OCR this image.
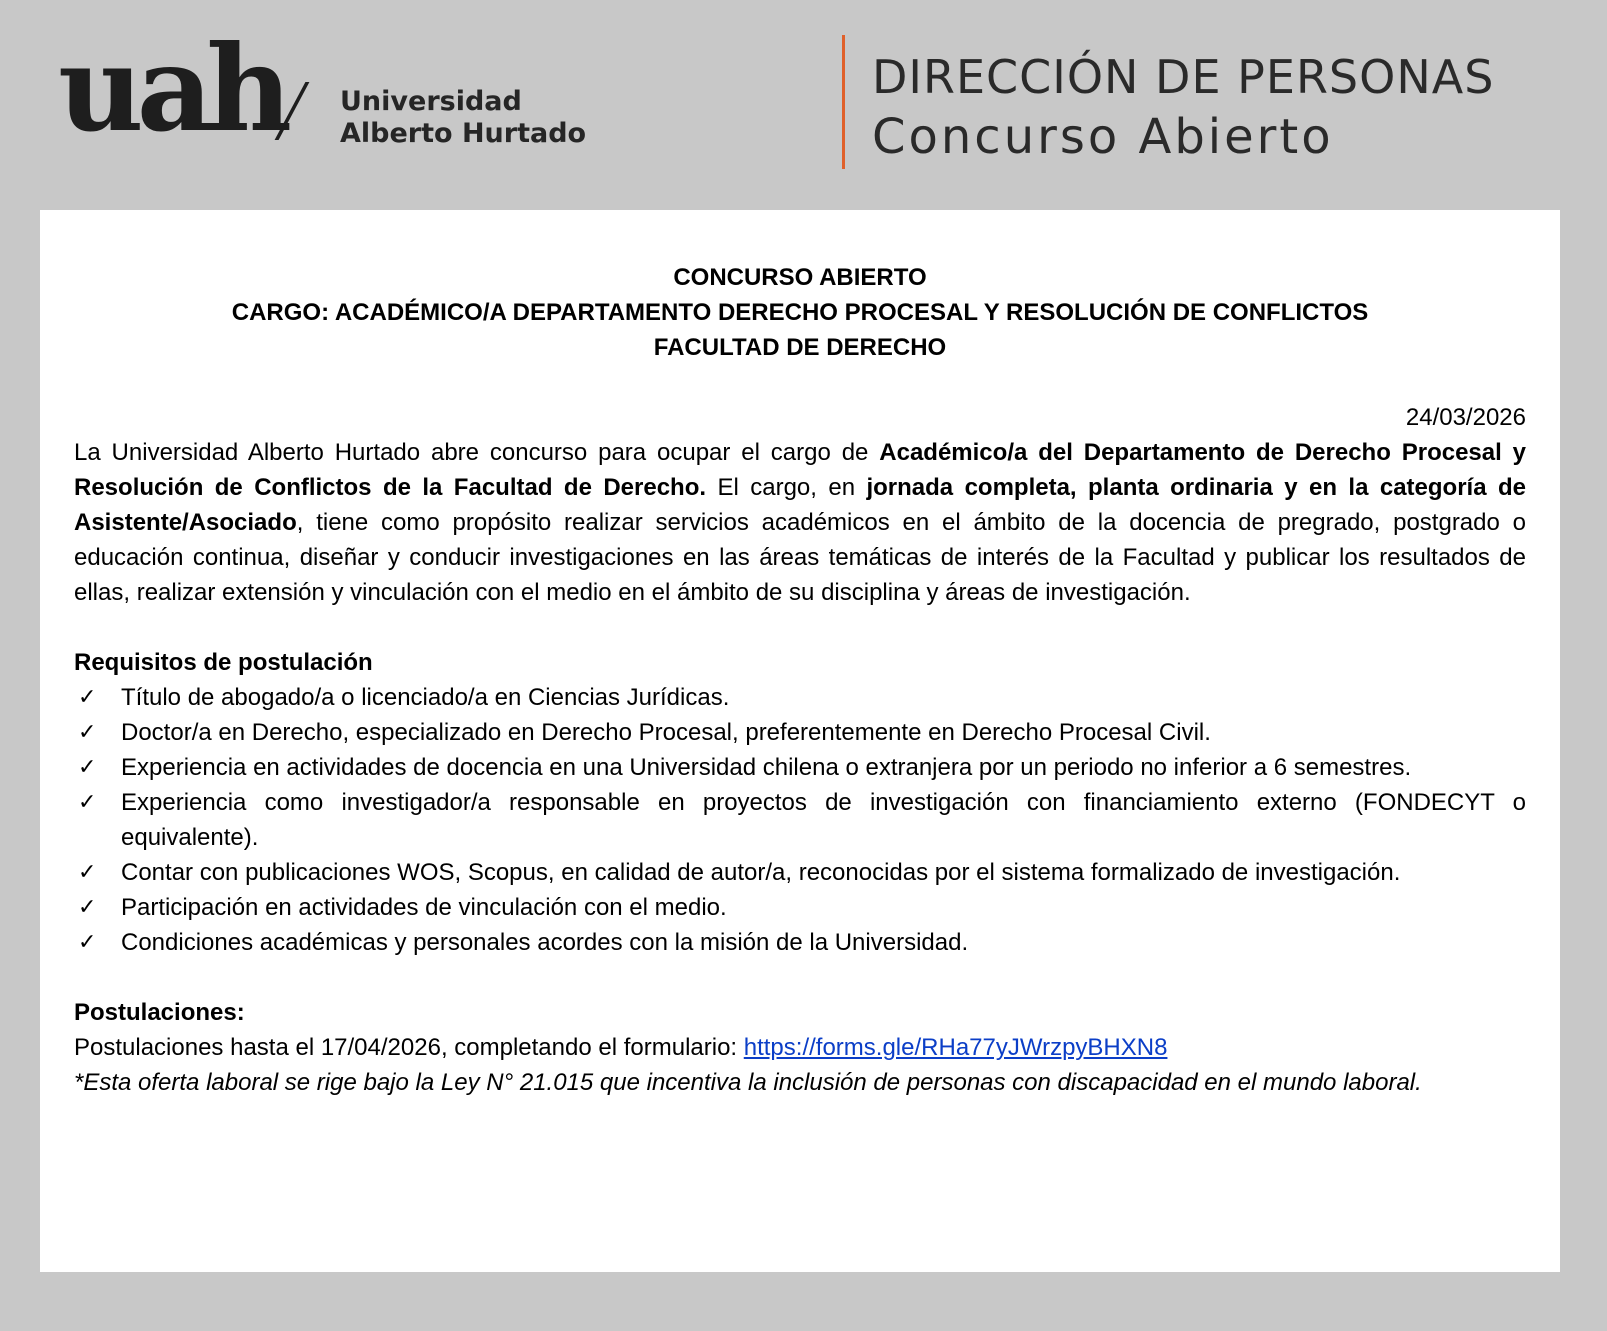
uah Universidad
Alberto Hurtado
DIRECCIÓN DE PERSONAS
Concurso Abierto
CONCURSO ABIERTO
CARGO: ACADÉMICO/A DEPARTAMENTO DERECHO PROCESAL Y RESOLUCIÓN DE CONFLICTOS
FACULTAD DE DERECHO
24/03/2026
La Universidad Alberto Hurtado abre concurso para ocupar el cargo de Académico/a del Departamento de Derecho Procesal y Resolución de Conflictos de la Facultad de Derecho. El cargo, en jornada completa, planta ordinaria y en la categoría de Asistente/Asociado, tiene como propósito realizar servicios académicos en el ámbito de la docencia de pregrado, postgrado o educación continua, diseñar y conducir investigaciones en las áreas temáticas de interés de la Facultad y publicar los resultados de ellas, realizar extensión y vinculación con el medio en el ámbito de su disciplina y áreas de investigación.
Requisitos de postulación
✓ Título de abogado/a o licenciado/a en Ciencias Jurídicas.
✓ Doctor/a en Derecho, especializado en Derecho Procesal, preferentemente en Derecho Procesal Civil.
✓ Experiencia en actividades de docencia en una Universidad chilena o extranjera por un periodo no inferior a 6 semestres.
✓ Experiencia como investigador/a responsable en proyectos de investigación con financiamiento externo (FONDECYT o equivalente).
✓ Contar con publicaciones WOS, Scopus, en calidad de autor/a, reconocidas por el sistema formalizado de investigación.
✓ Participación en actividades de vinculación con el medio.
✓ Condiciones académicas y personales acordes con la misión de la Universidad.
Postulaciones:
Postulaciones hasta el 17/04/2026, completando el formulario: https://forms.gle/RHa77yJWrzpyBHXN8
*Esta oferta laboral se rige bajo la Ley N° 21.015 que incentiva la inclusión de personas con discapacidad en el mundo laboral.
